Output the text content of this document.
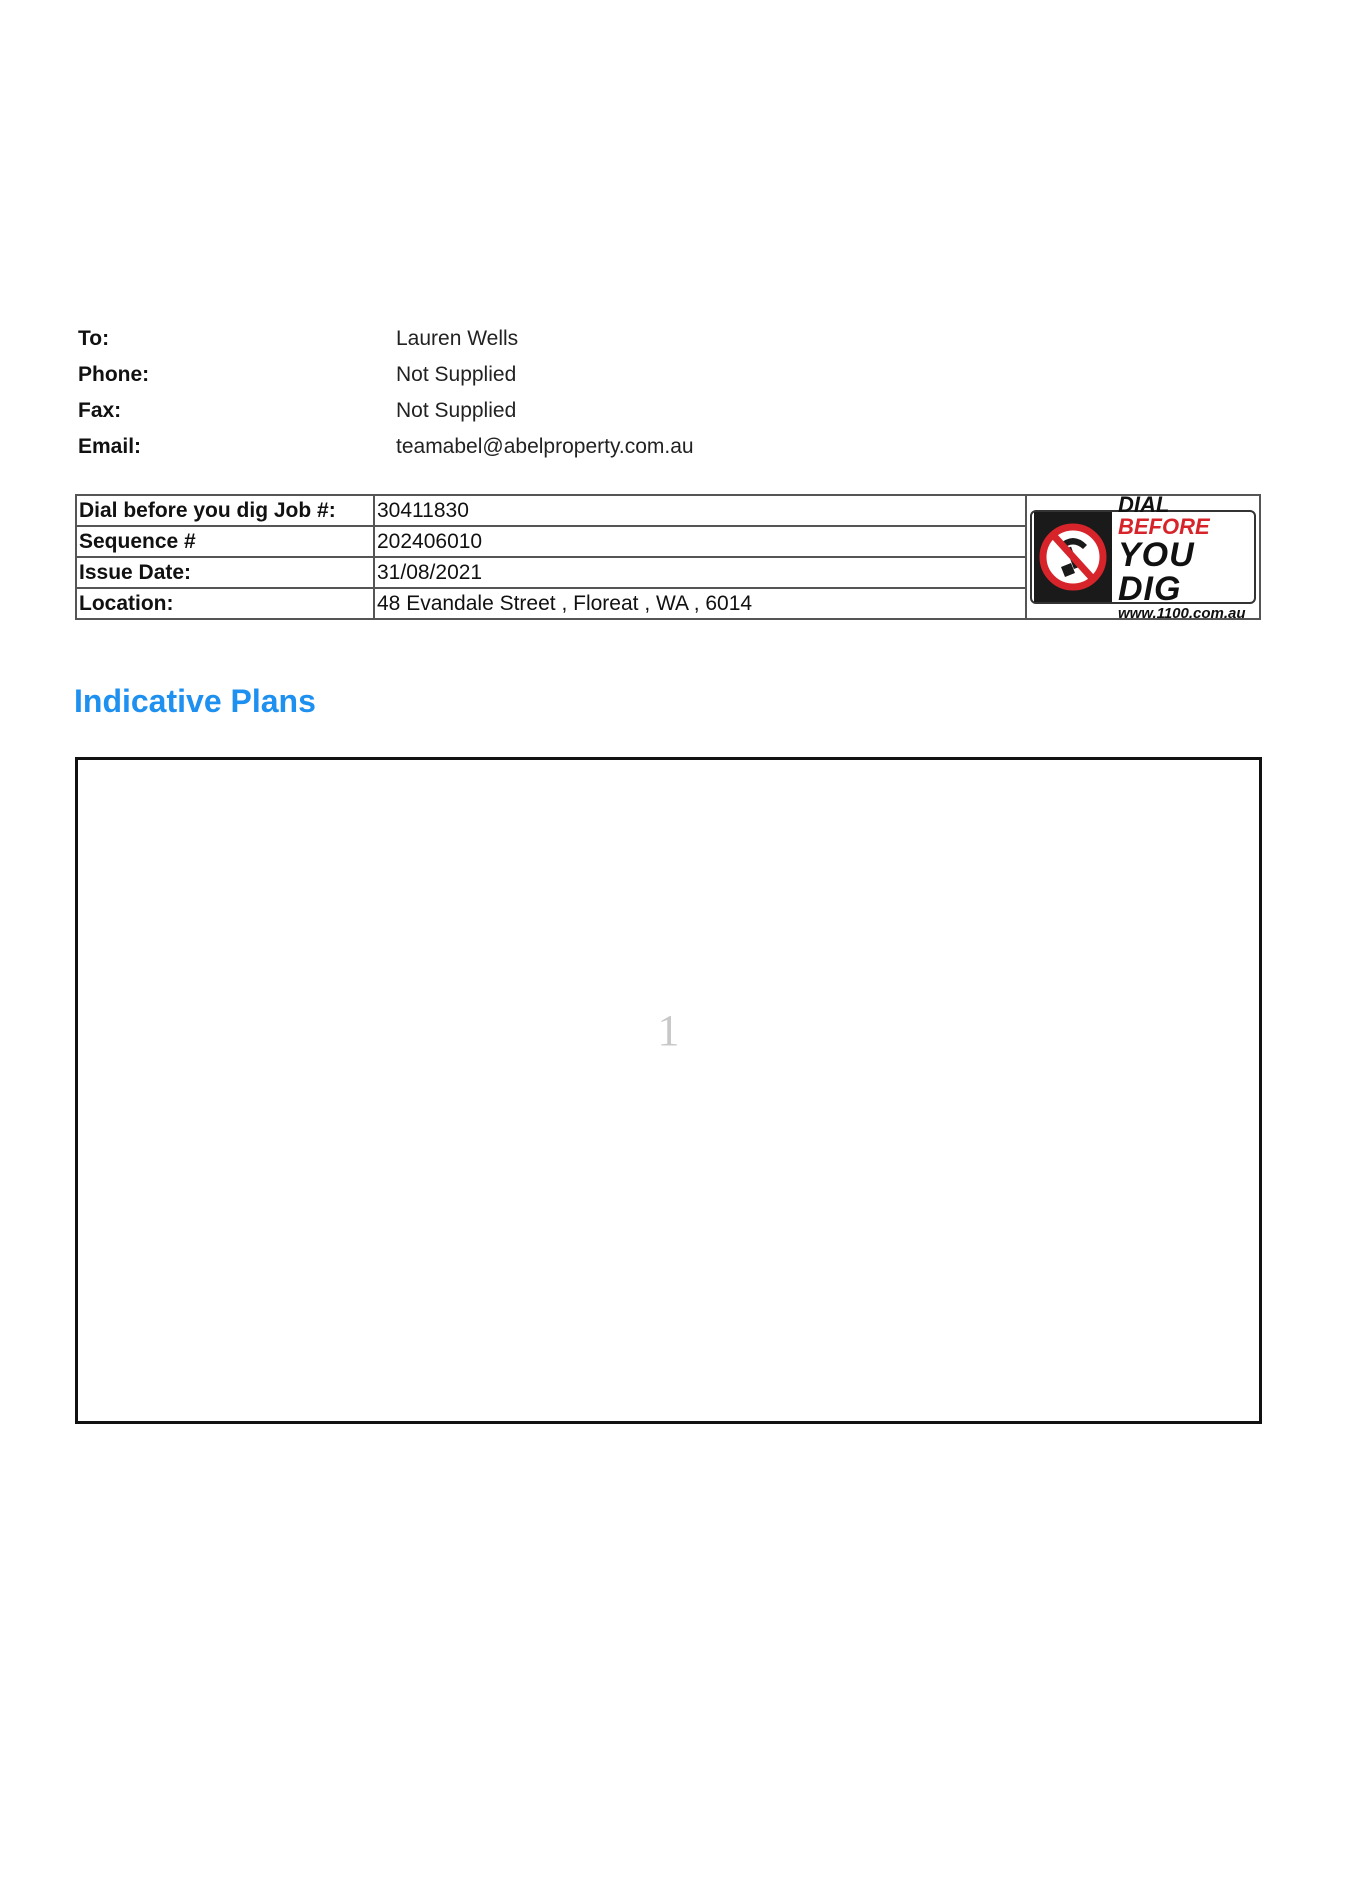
To:	Lauren Wells
Phone:	Not Supplied
Fax:	Not Supplied
Email:	teamabel@abelproperty.com.au
Dial before you dig Job #:	30411830	DIAL BEFORE
YOU DIG
www.1100.com.au

Sequence #	202406010	
Issue Date:	31/08/2021	
Location:	48 Evandale Street , Floreat , WA , 6014	
Indicative Plans
1
